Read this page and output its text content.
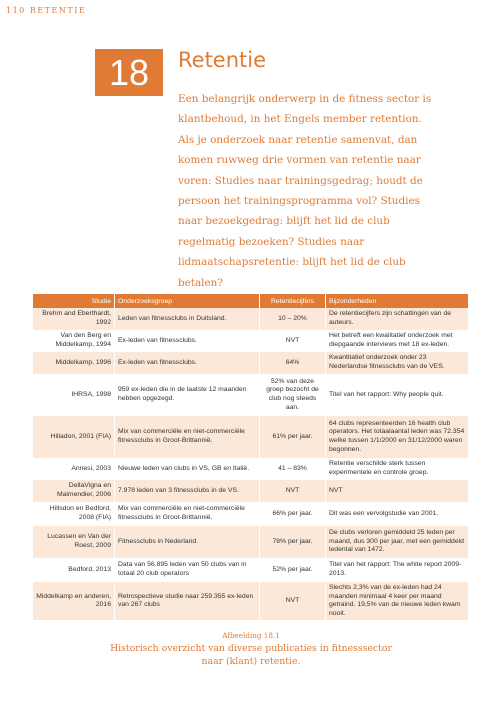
110 RETENTIE
18	Retentie
Een belangrijk onderwerp in de fitness sector is klantbehoud, in het Engels member retention. Als je onderzoek naar retentie samenvat, dan komen ruwweg drie vormen van retentie naar voren: Studies naar trainingsgedrag; houdt de persoon het trainingsprogramma vol? Studies naar bezoekgedrag: blijft het lid de club regelmatig bezoeken? Studies naar lidmaatschapsretentie: blijft het lid de club betalen?
Studie	Onderzoeksgroep	Retentiecijfers	Bijzonderheden
Brehm and Eberthardt, 1992	Leden van fitnessclubs in Duitsland.	10 – 20%	De retentiecijfers zijn schattingen van de auteurs.
Van den Berg en Middelkamp, 1994	Ex-leden van fitnessclubs.	NVT	Het betreft een kwalitatief onderzoek met diepgaande interviews met 18 ex-leden.
Middelkamp, 1996	Ex-leden van fitnessclubs.	64%	Kwantitatief onderzoek onder 23 Nederlandse fitnessclubs van de VES.
IHRSA, 1998	959 ex-leden die in de laatste 12 maanden hebben opgezegd.	52% van deze groep bezocht de club nog steeds aan.	Titel van het rapport: Why people quit.
Hilladon, 2001 (FIA)	Mix van commerciële en niet-commerciële fitnessclubs in Groot-Brittannië.	61% per jaar.	64 clubs representeerden 16 health club operators. Het totaalaantal leden was 72.354 welke tussen 1/1/2000 en 31/12/2000 waren begonnen.
Annesi, 2003	Nieuwe leden van clubs in VS, GB en Italië.	41 – 83%	Retentie verschilde sterk tussen experimentele en controle groep.
DellaVigna en Malmendier, 2006	7.978 leden van 3 fitnessclubs in de VS.	NVT	NVT
Hillsdon en Bedford, 2008 (FIA)	Mix van commerciële en niet-commerciële fitnessclubs in Groot-Brittannië.	66% per jaar.	Dit was een vervolgstudie van 2001.
Lucassen en Van der Roest, 2009	Fitnessclubs in Nederland.	78% per jaar.	De clubs verloren gemiddeld 25 leden per maand, dus 300 per jaar, met een gemiddeld ledental van 1472.
Bedford, 2013	Data van 56.895 leden van 50 clubs van in totaal 20 club operators	52% per jaar.	Titel van het rapport: The white report 2009-2013.
Middelkamp en anderen, 2016	Retrospectieve studie naar 259.355 ex-leden van 267 clubs	NVT	Slechts 2,3% van de ex-leden had 24 maanden minimaal 4 keer per maand getraind. 19,5% van de nieuwe leden kwam nooit.
Afbeelding 18.1
Historisch overzicht van diverse publicaties in fitnesssector naar (klant) retentie.
